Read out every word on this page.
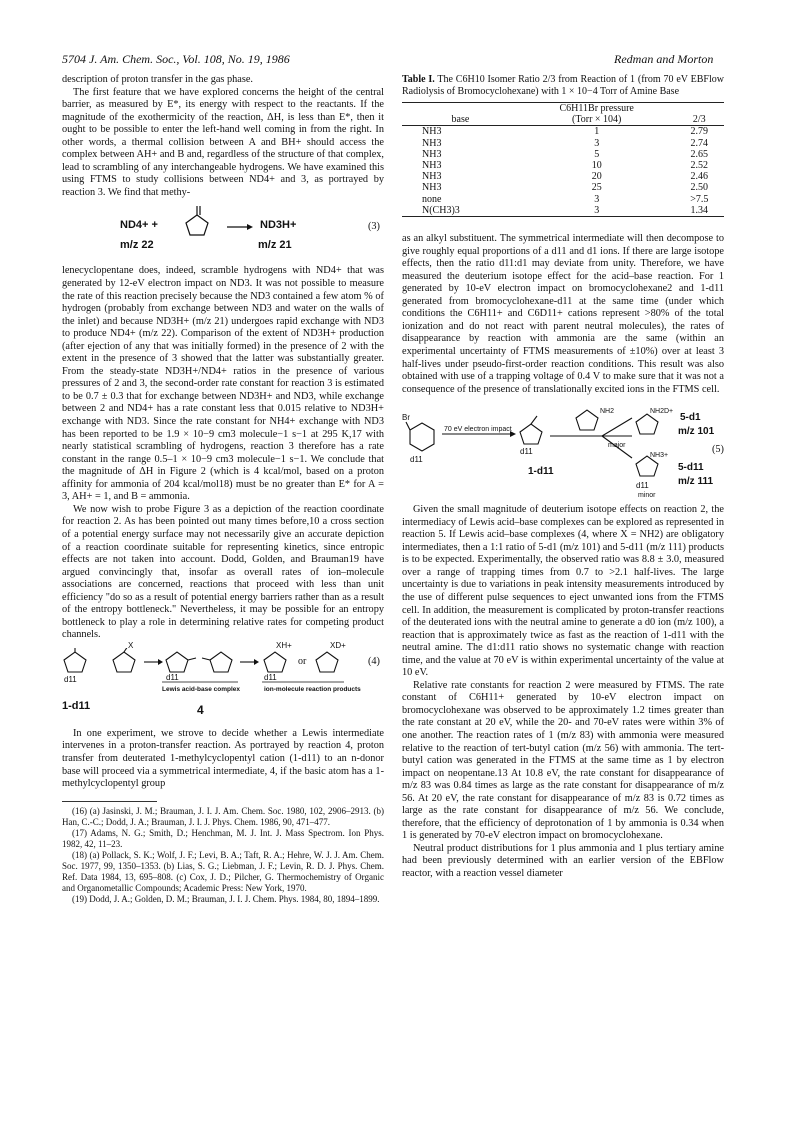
5704 J. Am. Chem. Soc., Vol. 108, No. 19, 1986	Redman and Morton

description of proton transfer in the gas phase.

The first feature that we have explored concerns the height of the central barrier, as measured by E*, its energy with respect to the reactants. If the magnitude of the exothermicity of the reaction, ΔH, is less than E*, then it ought to be possible to enter the left-hand well coming in from the right. In other words, a thermal collision between A and BH+ should access the complex between AH+ and B and, regardless of the structure of that complex, lead to scrambling of any interchangeable hydrogens. We have examined this using FTMS to study collisions between ND4+ and 3, as portrayed by reaction 3. We find that methy-

ND4+ +	ND3H+
m/z 22	m/z 21
(3)

lenecyclopentane does, indeed, scramble hydrogens with ND4+ that was generated by 12-eV electron impact on ND3. It was not possible to measure the rate of this reaction precisely because the ND3 contained a few atom % of hydrogen (probably from exchange between ND3 and water on the walls of the inlet) and because ND3H+ (m/z 21) undergoes rapid exchange with ND3 to produce ND4+ (m/z 22). Comparison of the extent of ND3H+ production (after ejection of any that was initially formed) in the presence of 2 with the extent in the presence of 3 showed that the latter was substantially greater. From the steady-state ND3H+/ND4+ ratios in the presence of various pressures of 2 and 3, the second-order rate constant for reaction 3 is estimated to be 0.7 ± 0.3 that for exchange between ND3H+ and ND3, while exchange between 2 and ND4+ has a rate constant less that 0.015 relative to ND3H+ exchange with ND3. Since the rate constant for NH4+ exchange with ND3 has been reported to be 1.9 × 10−9 cm3 molecule−1 s−1 at 295 K,17 with nearly statistical scrambling of hydrogens, reaction 3 therefore has a rate constant in the range 0.5–1 × 10−9 cm3 molecule−1 s−1. We conclude that the magnitude of ΔH in Figure 2 (which is 4 kcal/mol, based on a proton affinity for ammonia of 204 kcal/mol18) must be no greater than E* for A = 3, AH+ = 1, and B = ammonia.

We now wish to probe Figure 3 as a depiction of the reaction coordinate for reaction 2. As has been pointed out many times before,10 a cross section of a potential energy surface may not necessarily give an accurate depiction of a reaction coordinate suitable for representing kinetics, since entropic effects are not taken into account. Dodd, Golden, and Brauman19 have argued convincingly that, insofar as overall rates of ion–molecule associations are concerned, reactions that proceed with less than unit efficiency "do so as a result of potential energy barriers rather than as a result of the entropy bottleneck." Nevertheless, it may be possible for an entropy bottleneck to play a role in determining relative rates for competing product channels.

d11	d11	d11
X	XH+	XD+
or	(4)
Lewis acid-base complex	ion-molecule reaction products
1-d11	4

In one experiment, we strove to decide whether a Lewis intermediate intervenes in a proton-transfer reaction. As portrayed by reaction 4, proton transfer from deuterated 1-methylcyclopentyl cation (1-d11) to an n-donor base will proceed via a symmetrical intermediate, 4, if the basic atom has a 1-methylcyclopentyl group

(16) (a) Jasinski, J. M.; Brauman, J. I. J. Am. Chem. Soc. 1980, 102, 2906–2913. (b) Han, C.-C.; Dodd, J. A.; Brauman, J. I. J. Phys. Chem. 1986, 90, 471–477.

(17) Adams, N. G.; Smith, D.; Henchman, M. J. Int. J. Mass Spectrom. Ion Phys. 1982, 42, 11–23.

(18) (a) Pollack, S. K.; Wolf, J. F.; Levi, B. A.; Taft, R. A.; Hehre, W. J. J. Am. Chem. Soc. 1977, 99, 1350–1353. (b) Lias, S. G.; Liebman, J. F.; Levin, R. D. J. Phys. Chem. Ref. Data 1984, 13, 695–808. (c) Cox, J. D.; Pilcher, G. Thermochemistry of Organic and Organometallic Compounds; Academic Press: New York, 1970.

(19) Dodd, J. A.; Golden, D. M.; Brauman, J. I. J. Chem. Phys. 1984, 80, 1894–1899.

Table I. The C6H10 Isomer Ratio 2/3 from Reaction of 1 (from 70 eV EBFlow Radiolysis of Bromocyclohexane) with 1 × 10−4 Torr of Amine Base
	C6H11Br pressure	
base	(Torr × 104)	2/3
NH3	1	2.79
NH3	3	2.74
NH3	5	2.65
NH3	10	2.52
NH3	20	2.46
NH3	25	2.50
none	3	>7.5
N(CH3)3	3	1.34

as an alkyl substituent. The symmetrical intermediate will then decompose to give roughly equal proportions of a d11 and d1 ions. If there are large isotope effects, then the ratio d11:d1 may deviate from unity. Therefore, we have measured the deuterium isotope effect for the acid–base reaction. For 1 generated by 10-eV electron impact on bromocyclohexane2 and 1-d11 generated from bromocyclohexane-d11 at the same time (under which conditions the C6H11+ and C6D11+ cations represent >80% of the total ionization and do not react with parent neutral molecules), the rates of disappearance by reaction with ammonia are the same (within an experimental uncertainty of FTMS measurements of ±10%) over at least 3 half-lives under pseudo-first-order reaction conditions. This result was also obtained with use of a trapping voltage of 0.4 V to make sure that it was not a consequence of the presence of translationally excited ions in the FTMS cell.

Br
70 eV electron impact
d11
d11
d11
NH2	NH2D+
NH3+
major
minor
5-d1
m/z 101
5-d11
m/z 111
(5)
1-d11

Given the small magnitude of deuterium isotope effects on reaction 2, the intermediacy of Lewis acid–base complexes can be explored as represented in reaction 5. If Lewis acid–base complexes (4, where X = NH2) are obligatory intermediates, then a 1:1 ratio of 5-d1 (m/z 101) and 5-d11 (m/z 111) products is to be expected. Experimentally, the observed ratio was 8.8 ± 3.0, measured over a range of trapping times from 0.7 to >2.1 half-lives. The large uncertainty is due to variations in peak intensity measurements introduced by the use of different pulse sequences to eject unwanted ions from the FTMS cell. In addition, the measurement is complicated by proton-transfer reactions of the deuterated ions with the neutral amine to generate a d0 ion (m/z 100), a reaction that is approximately twice as fast as the reaction of 1-d11 with the neutral amine. The d1:d11 ratio shows no systematic change with reaction time, and the value at 70 eV is within experimental uncertainty of the value at 10 eV.

Relative rate constants for reaction 2 were measured by FTMS. The rate constant of C6H11+ generated by 10-eV electron impact on bromocyclohexane was observed to be approximately 1.2 times greater than the rate constant at 20 eV, while the 20- and 70-eV rates were within 3% of one another. The reaction rates of 1 (m/z 83) with ammonia were measured relative to the reaction of tert-butyl cation (m/z 56) with ammonia. The tert-butyl cation was generated in the FTMS at the same time as 1 by electron impact on neopentane.13 At 10.8 eV, the rate constant for disappearance of m/z 83 was 0.84 times as large as the rate constant for disappearance of m/z 56. At 20 eV, the rate constant for disappearance of m/z 83 is 0.72 times as large as the rate constant for disappearance of m/z 56. We conclude, therefore, that the efficiency of deprotonation of 1 by ammonia is 0.34 when 1 is generated by 70-eV electron impact on bromocyclohexane.

Neutral product distributions for 1 plus ammonia and 1 plus tertiary amine had been previously determined with an earlier version of the EBFlow reactor, with a reaction vessel diameter
